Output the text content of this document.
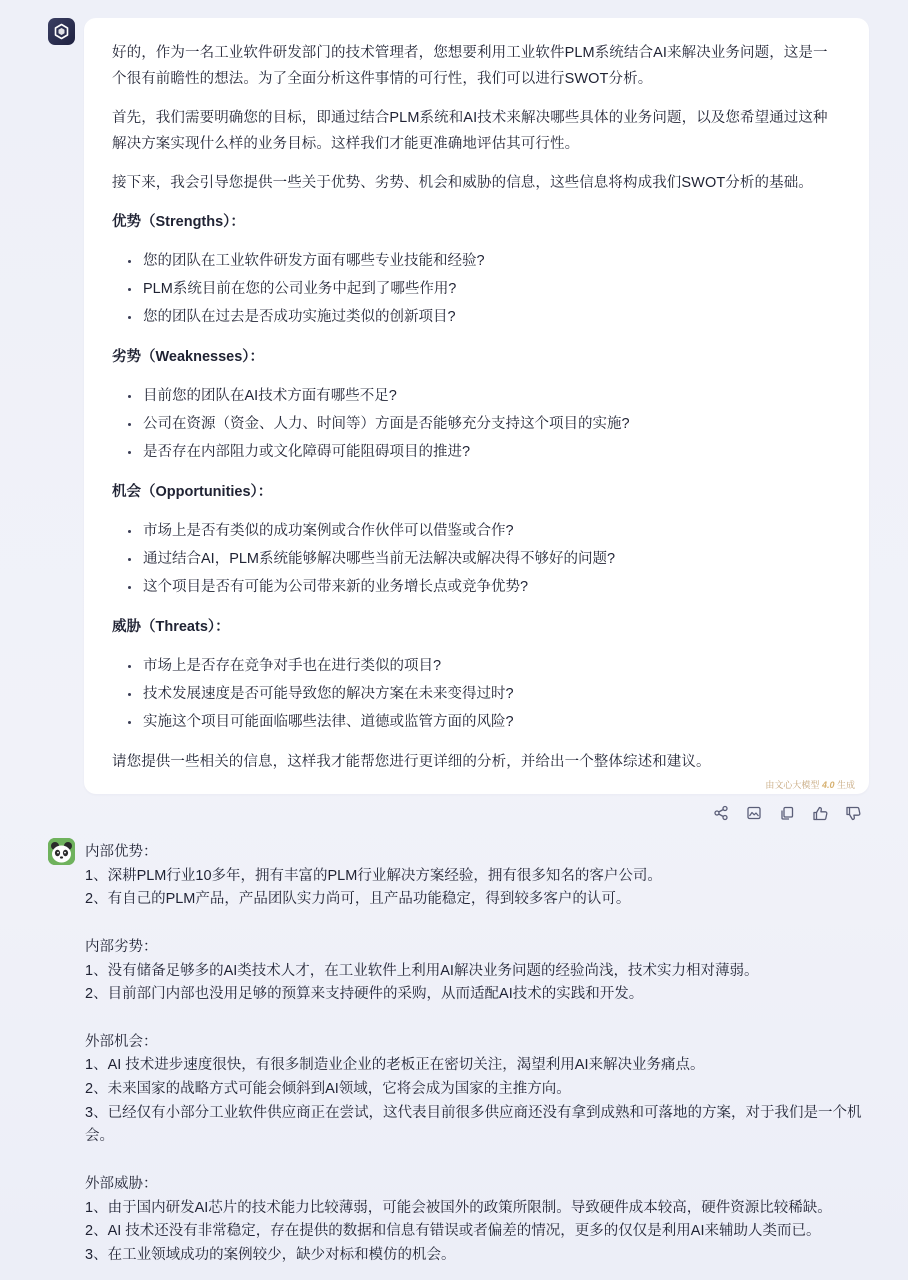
好的，作为一名工业软件研发部门的技术管理者，您想要利用工业软件PLM系统结合AI来解决业务问题，这是一个很有前瞻性的想法。为了全面分析这件事情的可行性，我们可以进行SWOT分析。

首先，我们需要明确您的目标，即通过结合PLM系统和AI技术来解决哪些具体的业务问题，以及您希望通过这种解决方案实现什么样的业务目标。这样我们才能更准确地评估其可行性。

接下来，我会引导您提供一些关于优势、劣势、机会和威胁的信息，这些信息将构成我们SWOT分析的基础。

优势（Strengths）：
您的团队在工业软件研发方面有哪些专业技能和经验?
PLM系统目前在您的公司业务中起到了哪些作用?
您的团队在过去是否成功实施过类似的创新项目?
劣势（Weaknesses）：
目前您的团队在AI技术方面有哪些不足?
公司在资源（资金、人力、时间等）方面是否能够充分支持这个项目的实施?
是否存在内部阻力或文化障碍可能阻碍项目的推进?
机会（Opportunities）：
市场上是否有类似的成功案例或合作伙伴可以借鉴或合作?
通过结合AI，PLM系统能够解决哪些当前无法解决或解决得不够好的问题?
这个项目是否有可能为公司带来新的业务增长点或竞争优势?
威胁（Threats）：
市场上是否存在竞争对手也在进行类似的项目?
技术发展速度是否可能导致您的解决方案在未来变得过时?
实施这个项目可能面临哪些法律、道德或监管方面的风险?

请您提供一些相关的信息，这样我才能帮您进行更详细的分析，并给出一个整体综述和建议。

由文心大模型 4.0 生成
内部优势：
1、深耕PLM行业10多年，拥有丰富的PLM行业解决方案经验，拥有很多知名的客户公司。
2、有自己的PLM产品，产品团队实力尚可，且产品功能稳定，得到较多客户的认可。
内部劣势：
1、没有储备足够多的AI类技术人才，在工业软件上利用AI解决业务问题的经验尚浅，技术实力相对薄弱。
2、目前部门内部也没用足够的预算来支持硬件的采购，从而适配AI技术的实践和开发。
外部机会：
1、AI 技术进步速度很快，有很多制造业企业的老板正在密切关注，渴望利用AI来解决业务痛点。
2、未来国家的战略方式可能会倾斜到AI领域，它将会成为国家的主推方向。
3、已经仅有小部分工业软件供应商正在尝试，这代表目前很多供应商还没有拿到成熟和可落地的方案，对于我们是一个机会。
外部威胁：
1、由于国内研发AI芯片的技术能力比较薄弱，可能会被国外的政策所限制。导致硬件成本较高，硬件资源比较稀缺。
2、AI 技术还没有非常稳定，存在提供的数据和信息有错误或者偏差的情况，更多的仅仅是利用AI来辅助人类而已。
3、在工业领域成功的案例较少，缺少对标和模仿的机会。
